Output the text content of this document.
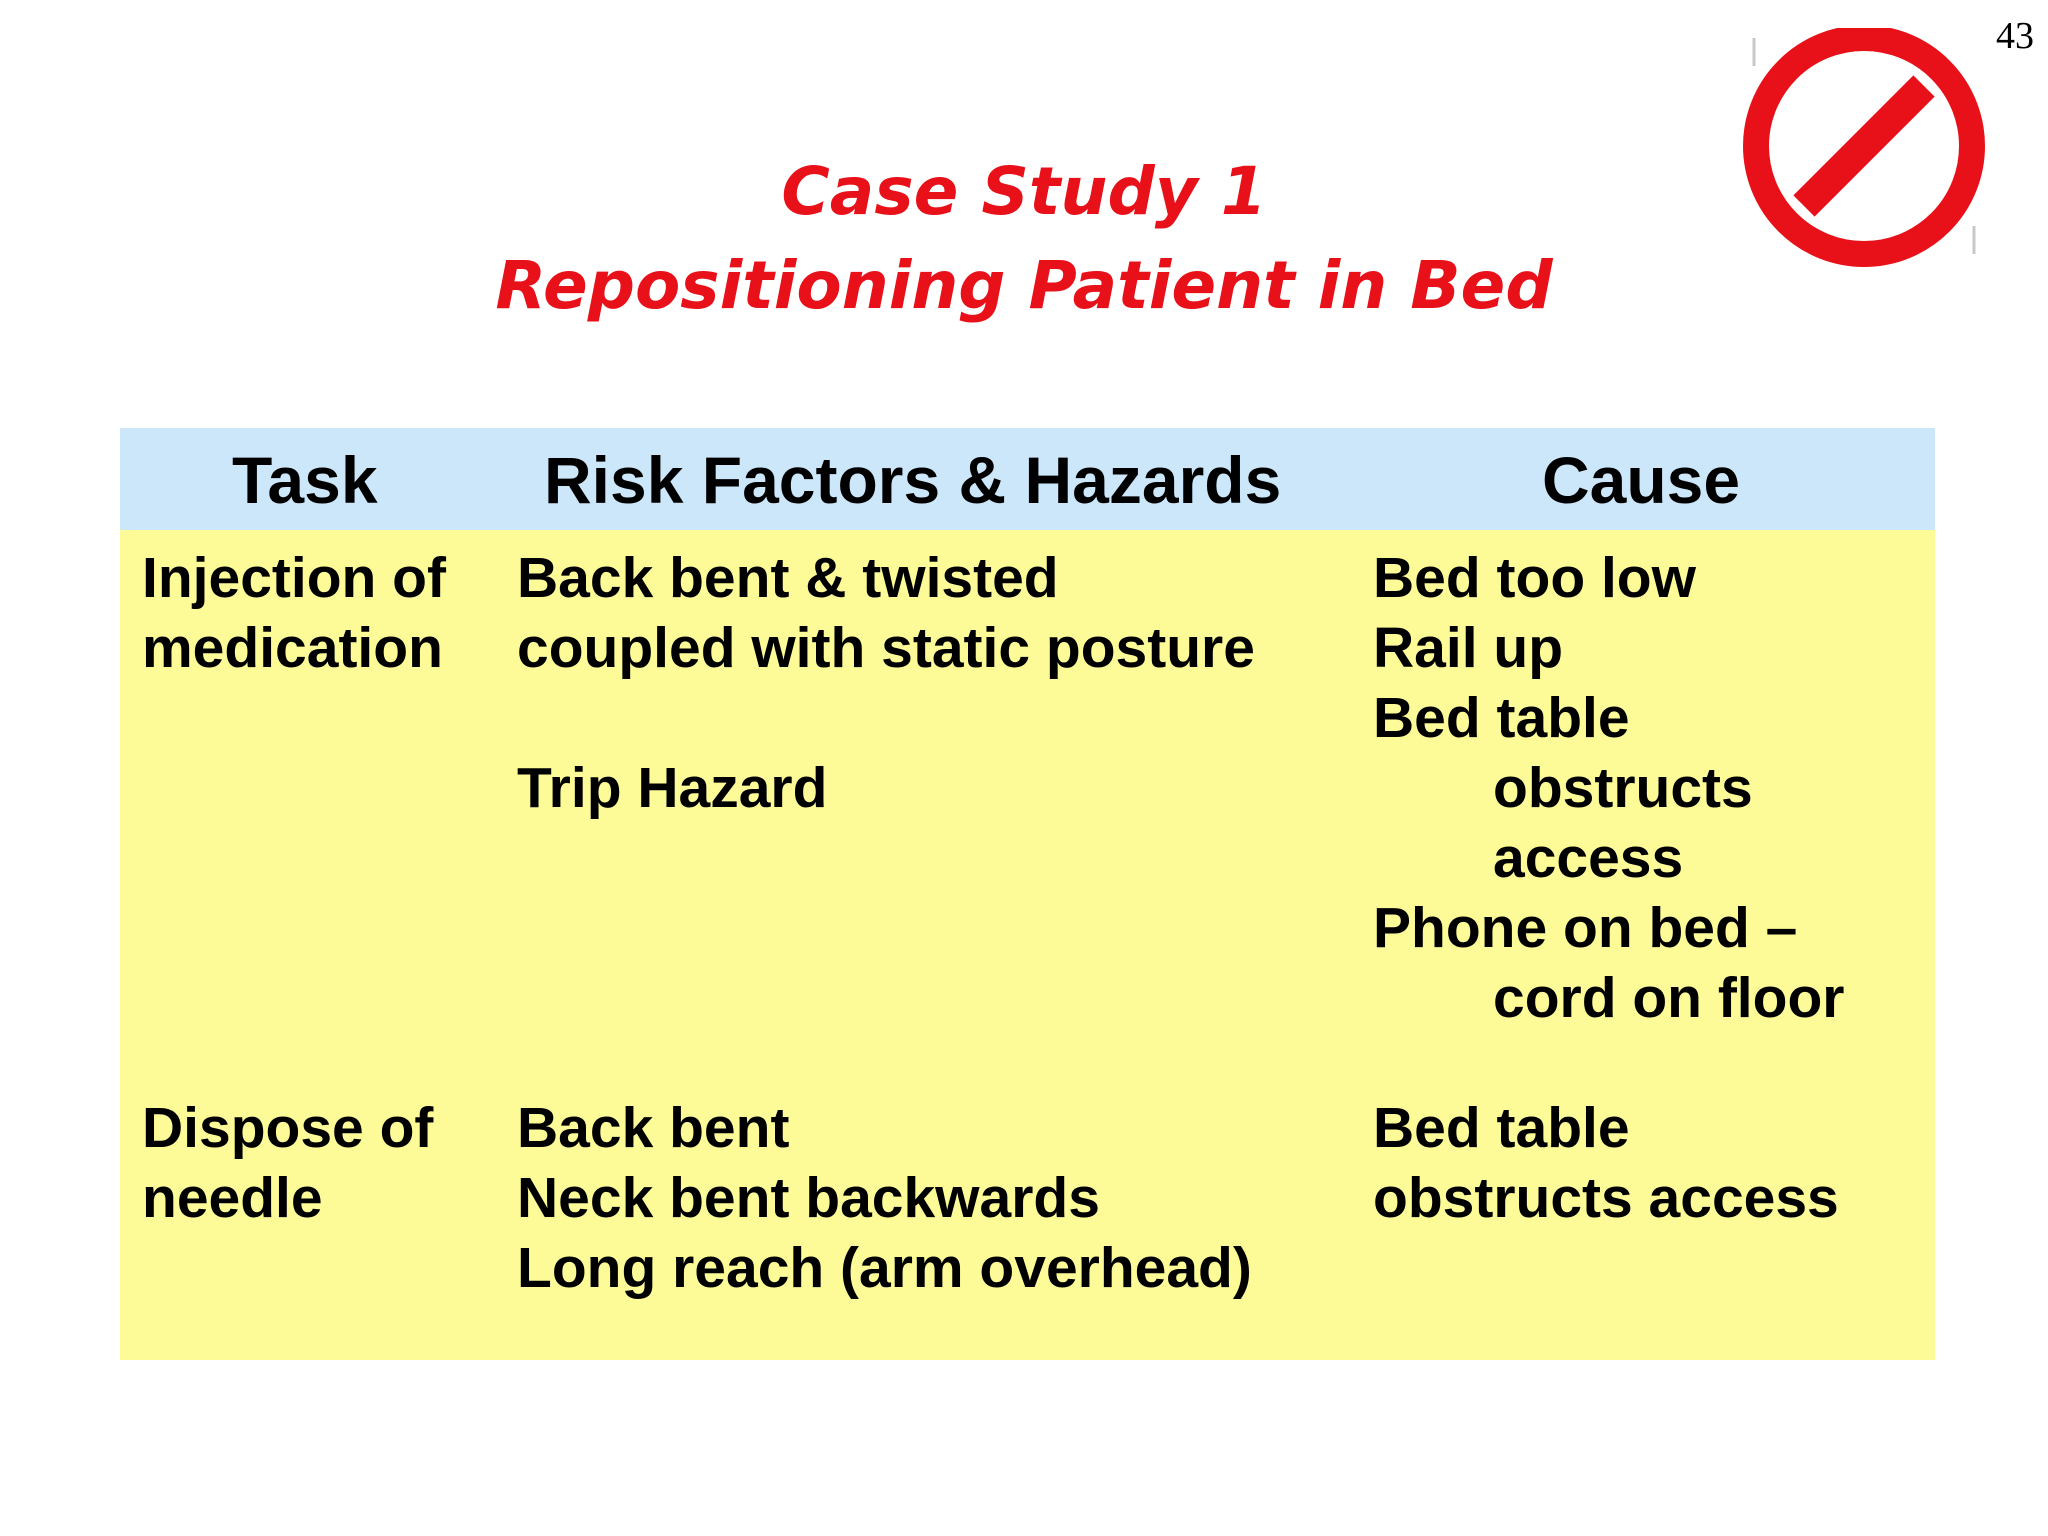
43
Case Study 1
Repositioning Patient in Bed
Task	Risk Factors & Hazards	Cause
Injection of
medication
Back bent & twisted
coupled with static posture
Trip Hazard
Bed too low
Rail up
Bed table
obstructs
access
Phone on bed –
cord on floor
Dispose of
needle
Back bent
Neck bent backwards
Long reach (arm overhead)
Bed table
obstructs access
